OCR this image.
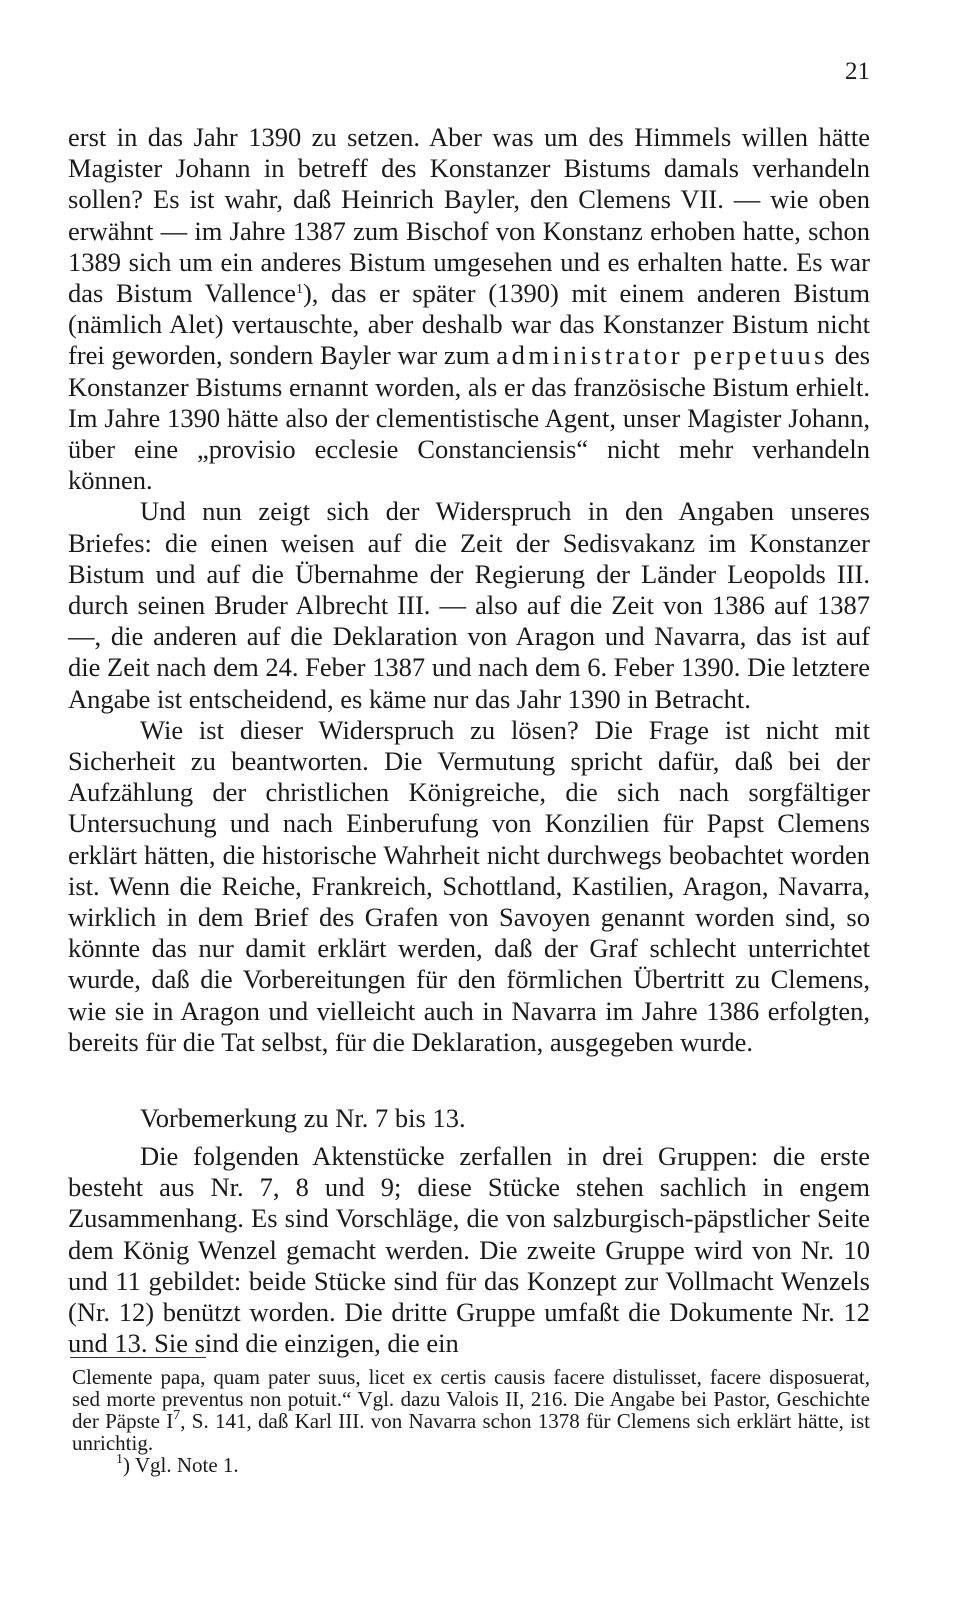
21

erst in das Jahr 1390 zu setzen. Aber was um des Himmels willen hätte Magister Johann in betreff des Konstanzer Bistums damals verhandeln sollen? Es ist wahr, daß Heinrich Bayler, den Clemens VII. — wie oben erwähnt — im Jahre 1387 zum Bischof von Konstanz erhoben hatte, schon 1389 sich um ein anderes Bistum umgesehen und es erhalten hatte. Es war das Bistum Vallence$^1$), das er später (1390) mit einem anderen Bistum (nämlich Alet) vertauschte, aber deshalb war das Konstanzer Bistum nicht frei geworden, sondern Bayler war zum administrator perpetuus des Konstanzer Bistums ernannt worden, als er das französische Bistum erhielt. Im Jahre 1390 hätte also der clementistische Agent, unser Magister Johann, über eine „provisio ecclesie Constanciensis“ nicht mehr verhandeln können.

Und nun zeigt sich der Widerspruch in den Angaben unseres Briefes: die einen weisen auf die Zeit der Sedisvakanz im Konstanzer Bistum und auf die Übernahme der Regierung der Länder Leopolds III. durch seinen Bruder Albrecht III. — also auf die Zeit von 1386 auf 1387 —, die anderen auf die Deklaration von Aragon und Navarra, das ist auf die Zeit nach dem 24. Feber 1387 und nach dem 6. Feber 1390. Die letztere Angabe ist entscheidend, es käme nur das Jahr 1390 in Betracht.

Wie ist dieser Widerspruch zu lösen? Die Frage ist nicht mit Sicherheit zu beantworten. Die Vermutung spricht dafür, daß bei der Aufzählung der christlichen Königreiche, die sich nach sorgfältiger Untersuchung und nach Einberufung von Konzilien für Papst Clemens erklärt hätten, die historische Wahrheit nicht durchwegs beobachtet worden ist. Wenn die Reiche, Frankreich, Schottland, Kastilien, Aragon, Navarra, wirklich in dem Brief des Grafen von Savoyen genannt worden sind, so könnte das nur damit erklärt werden, daß der Graf schlecht unterrichtet wurde, daß die Vorbereitungen für den förmlichen Übertritt zu Clemens, wie sie in Aragon und vielleicht auch in Navarra im Jahre 1386 erfolgten, bereits für die Tat selbst, für die Deklaration, ausgegeben wurde.

Vorbemerkung zu Nr. 7 bis 13.

Die folgenden Aktenstücke zerfallen in drei Gruppen: die erste besteht aus Nr. 7, 8 und 9; diese Stücke stehen sachlich in engem Zusammenhang. Es sind Vorschläge, die von salzburgisch-päpstlicher Seite dem König Wenzel gemacht werden. Die zweite Gruppe wird von Nr. 10 und 11 gebildet: beide Stücke sind für das Konzept zur Vollmacht Wenzels (Nr. 12) benützt worden. Die dritte Gruppe umfaßt die Dokumente Nr. 12 und 13. Sie sind die einzigen, die ein

Clemente papa, quam pater suus, licet ex certis causis facere distulisset, facere disposuerat, sed morte preventus non potuit.“ Vgl. dazu Valois II, 216. Die Angabe bei Pastor, Geschichte der Päpste $I^7$, S. 141, daß Karl III. von Navarra schon 1378 für Clemens sich erklärt hätte, ist unrichtig.

$^1$) Vgl. Note 1.
